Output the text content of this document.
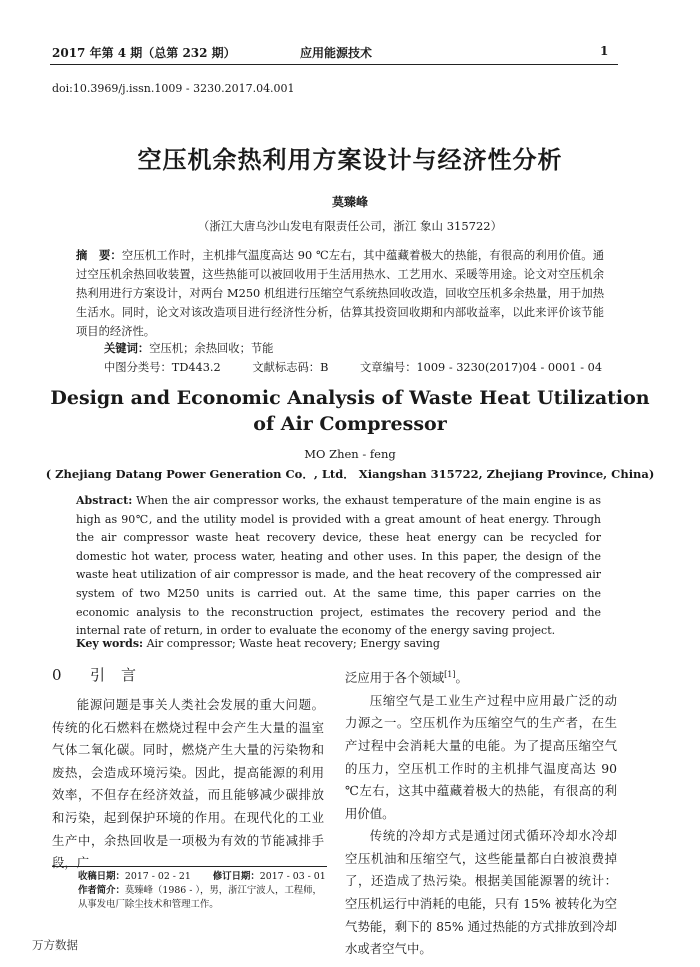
2017 年第 4 期（总第 232 期）	应用能源技术	1
doi:10.3969/j.issn.1009 - 3230.2017.04.001
空压机余热利用方案设计与经济性分析
莫臻峰
（浙江大唐乌沙山发电有限责任公司，浙江 象山 315722）
摘　要：空压机工作时，主机排气温度高达 90 ℃左右，其中蕴藏着极大的热能，有很高的利用价值。通过空压机余热回收装置，这些热能可以被回收用于生活用热水、工艺用水、采暖等用途。论文对空压机余热利用进行方案设计，对两台 M250 机组进行压缩空气系统热回收改造，回收空压机多余热量，用于加热生活水。同时，论文对该改造项目进行经济性分析，估算其投资回收期和内部收益率，以此来评价该节能项目的经济性。
关键词：空压机；余热回收；节能
中图分类号：TD443.2	文献标志码：B	文章编号：1009 - 3230(2017)04 - 0001 - 04
Design and Economic Analysis of Waste Heat Utilization
of Air Compressor
MO Zhen - feng
( Zhejiang Datang Power Generation Co．, Ltd． Xiangshan 315722, Zhejiang Province, China)
Abstract: When the air compressor works, the exhaust temperature of the main engine is as high as 90℃, and the utility model is provided with a great amount of heat energy. Through the air compressor waste heat recovery device, these heat energy can be recycled for domestic hot water, process water, heating and other uses. In this paper, the design of the waste heat utilization of air compressor is made, and the heat recovery of the compressed air system of two M250 units is carried out. At the same time, this paper carries on the economic analysis to the reconstruction project, estimates the recovery period and the internal rate of return, in order to evaluate the economy of the energy saving project.
Key words: Air compressor; Waste heat recovery; Energy saving
0 引言

能源问题是事关人类社会发展的重大问题。传统的化石燃料在燃烧过程中会产生大量的温室气体二氧化碳。同时，燃烧产生大量的污染物和废热，会造成环境污染。因此，提高能源的利用效率，不但存在经济效益，而且能够减少碳排放和污染，起到保护环境的作用。在现代化的工业生产中，余热回收是一项极为有效的节能减排手段，广

泛应用于各个领域[1]。

压缩空气是工业生产过程中应用最广泛的动力源之一。空压机作为压缩空气的生产者，在生产过程中会消耗大量的电能。为了提高压缩空气的压力，空压机工作时的主机排气温度高达 90 ℃左右，这其中蕴藏着极大的热能，有很高的利用价值。

传统的冷却方式是通过闭式循环冷却水冷却空压机油和压缩空气，这些能量都白白被浪费掉了，还造成了热污染。根据美国能源署的统计：空压机运行中消耗的电能，只有 15% 被转化为空气势能，剩下的 85% 通过热能的方式排放到冷却水或者空气中。

收稿日期：2017 - 02 - 21 修订日期：2017 - 03 - 01
作者简介：莫臻峰（1986 - ），男，浙江宁波人，工程师，从事发电厂除尘技术和管理工作。
万方数据
